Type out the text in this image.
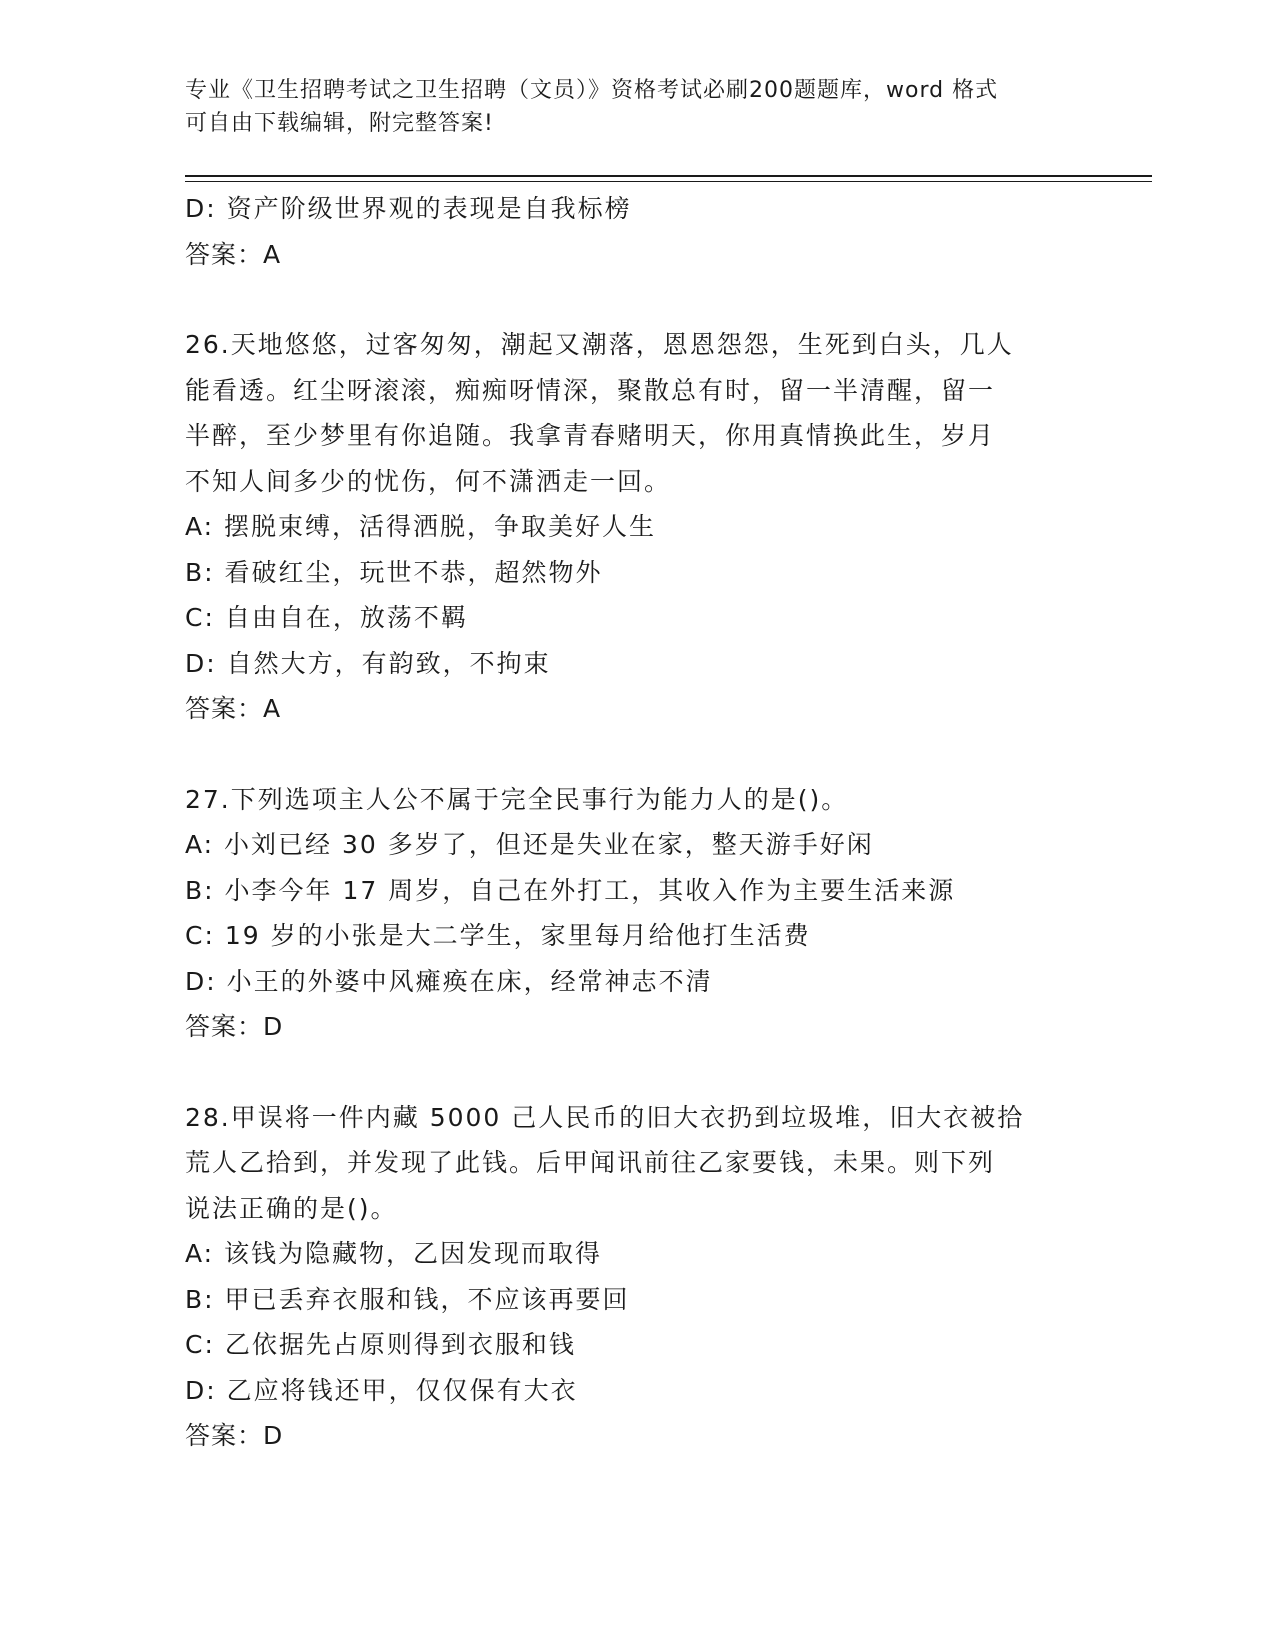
专业《卫生招聘考试之卫生招聘（文员）》资格考试必刷200题题库，word 格式
可自由下载编辑，附完整答案!
D: 资产阶级世界观的表现是自我标榜
答案：A
26.天地悠悠，过客匆匆，潮起又潮落，恩恩怨怨，生死到白头，几人
能看透。红尘呀滚滚，痴痴呀情深，聚散总有时，留一半清醒，留一
半醉，至少梦里有你追随。我拿青春赌明天，你用真情换此生，岁月
不知人间多少的忧伤，何不潇洒走一回。
A: 摆脱束缚，活得洒脱，争取美好人生
B: 看破红尘，玩世不恭，超然物外
C: 自由自在，放荡不羁
D: 自然大方，有韵致，不拘束
答案：A
27.下列选项主人公不属于完全民事行为能力人的是()。
A: 小刘已经 30 多岁了，但还是失业在家，整天游手好闲
B: 小李今年 17 周岁，自己在外打工，其收入作为主要生活来源
C: 19 岁的小张是大二学生，家里每月给他打生活费
D: 小王的外婆中风瘫痪在床，经常神志不清
答案：D
28.甲误将一件内藏 5000 己人民币的旧大衣扔到垃圾堆，旧大衣被拾
荒人乙拾到，并发现了此钱。后甲闻讯前往乙家要钱，未果。则下列
说法正确的是()。
A: 该钱为隐藏物，乙因发现而取得
B: 甲已丢弃衣服和钱，不应该再要回
C: 乙依据先占原则得到衣服和钱
D: 乙应将钱还甲，仅仅保有大衣
答案：D
